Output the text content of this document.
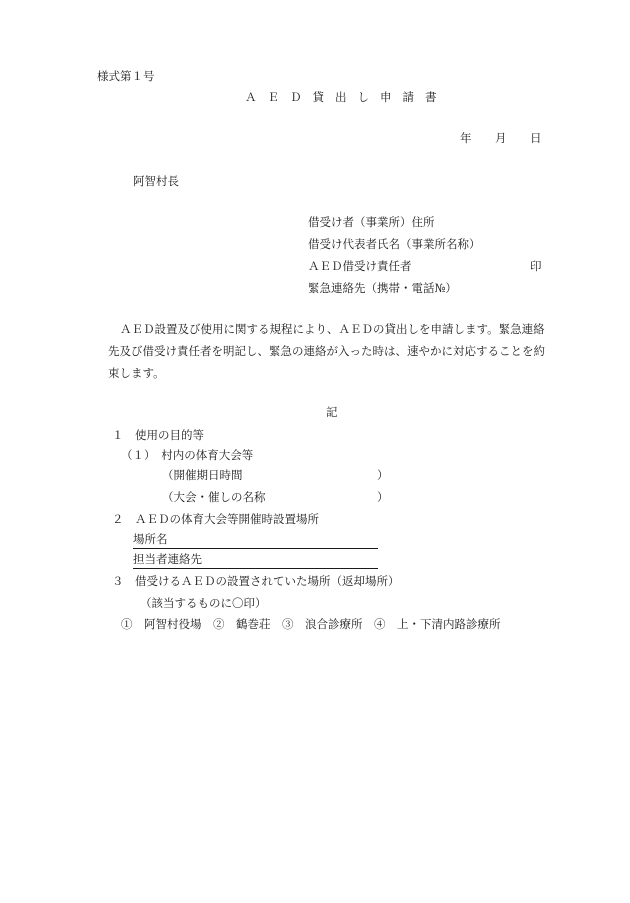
様式第１号
ＡＥＤ貸出し申請書
年 月 日
阿智村長
借受け者（事業所）住所
借受け代表者氏名（事業所名称）
ＡＥＤ借受け責任者	印
緊急連絡先（携帯・電話№）
ＡＥＤ設置及び使用に関する規程により、ＡＥＤの貸出しを申請します。緊急連絡先及び借受け責任者を明記し、緊急の連絡が入った時は、速やかに対応することを約束します。
記
１　使用の目的等
（１）　村内の体育大会等
（開催期日時間	）
（大会・催しの名称	）
２　ＡＥＤの体育大会等開催時設置場所
場所名
担当者連絡先
３　借受けるＡＥＤの設置されていた場所（返却場所）
（該当するものに〇印）
①　阿智村役場　②　鶴巻荘　③　浪合診療所　④　上・下清内路診療所
